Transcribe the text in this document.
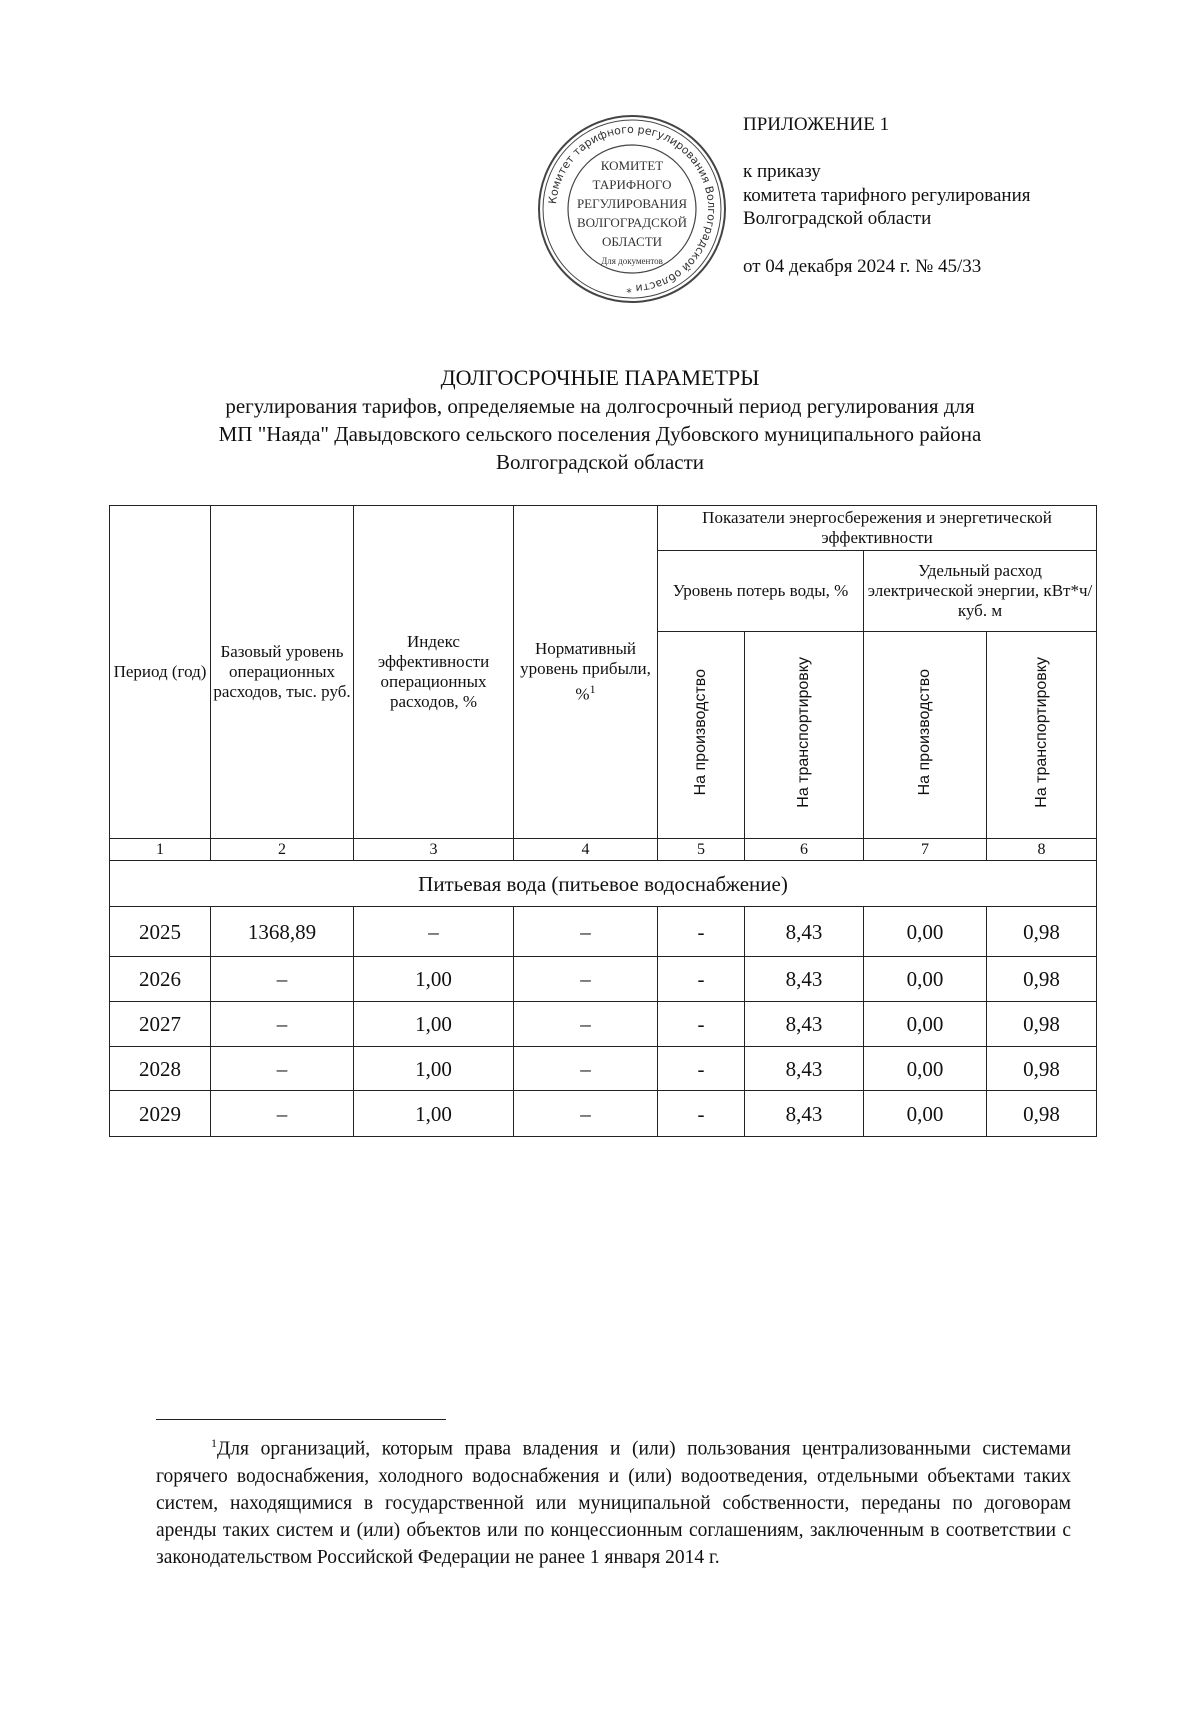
Комитет тарифного регулирования Волгоградской области *
КОМИТЕТ
ТАРИФНОГО
РЕГУЛИРОВАНИЯ
ВОЛГОГРАДСКОЙ
ОБЛАСТИ
Для документов
ПРИЛОЖЕНИЕ 1
к приказу
комитета тарифного регулирования
Волгоградской области
от 04 декабря 2024 г. № 45/33
ДОЛГОСРОЧНЫЕ ПАРАМЕТРЫ
регулирования тарифов, определяемые на долгосрочный период регулирования для
МП "Наяда" Давыдовского сельского поселения Дубовского муниципального района
Волгоградской области
Период (год)	Базовый уровень операционных расходов, тыс. руб.	Индекс эффективности операционных расходов, %	Нормативный уровень прибыли, %$^1$	Показатели энергосбережения и энергетической эффективности			
				Уровень потерь воды, %		Удельный расход электрической энергии, кВт*ч/куб. м	
				На производство	На транспортировку	На производство	На транспортировку
1	2	3	4	5	6	7	8
Питьевая вода (питьевое водоснабжение)							
2025	1368,89	–	–	-	8,43	0,00	0,98
2026	–	1,00	–	-	8,43	0,00	0,98
2027	–	1,00	–	-	8,43	0,00	0,98
2028	–	1,00	–	-	8,43	0,00	0,98
2029	–	1,00	–	-	8,43	0,00	0,98
$^1$Для организаций, которым права владения и (или) пользования централизованными системами горячего водоснабжения, холодного водоснабжения и (или) водоотведения, отдельными объектами таких систем, находящимися в государственной или муниципальной собственности, переданы по договорам аренды таких систем и (или) объектов или по концессионным соглашениям, заключенным в соответствии с законодательством Российской Федерации не ранее 1 января 2014 г.
